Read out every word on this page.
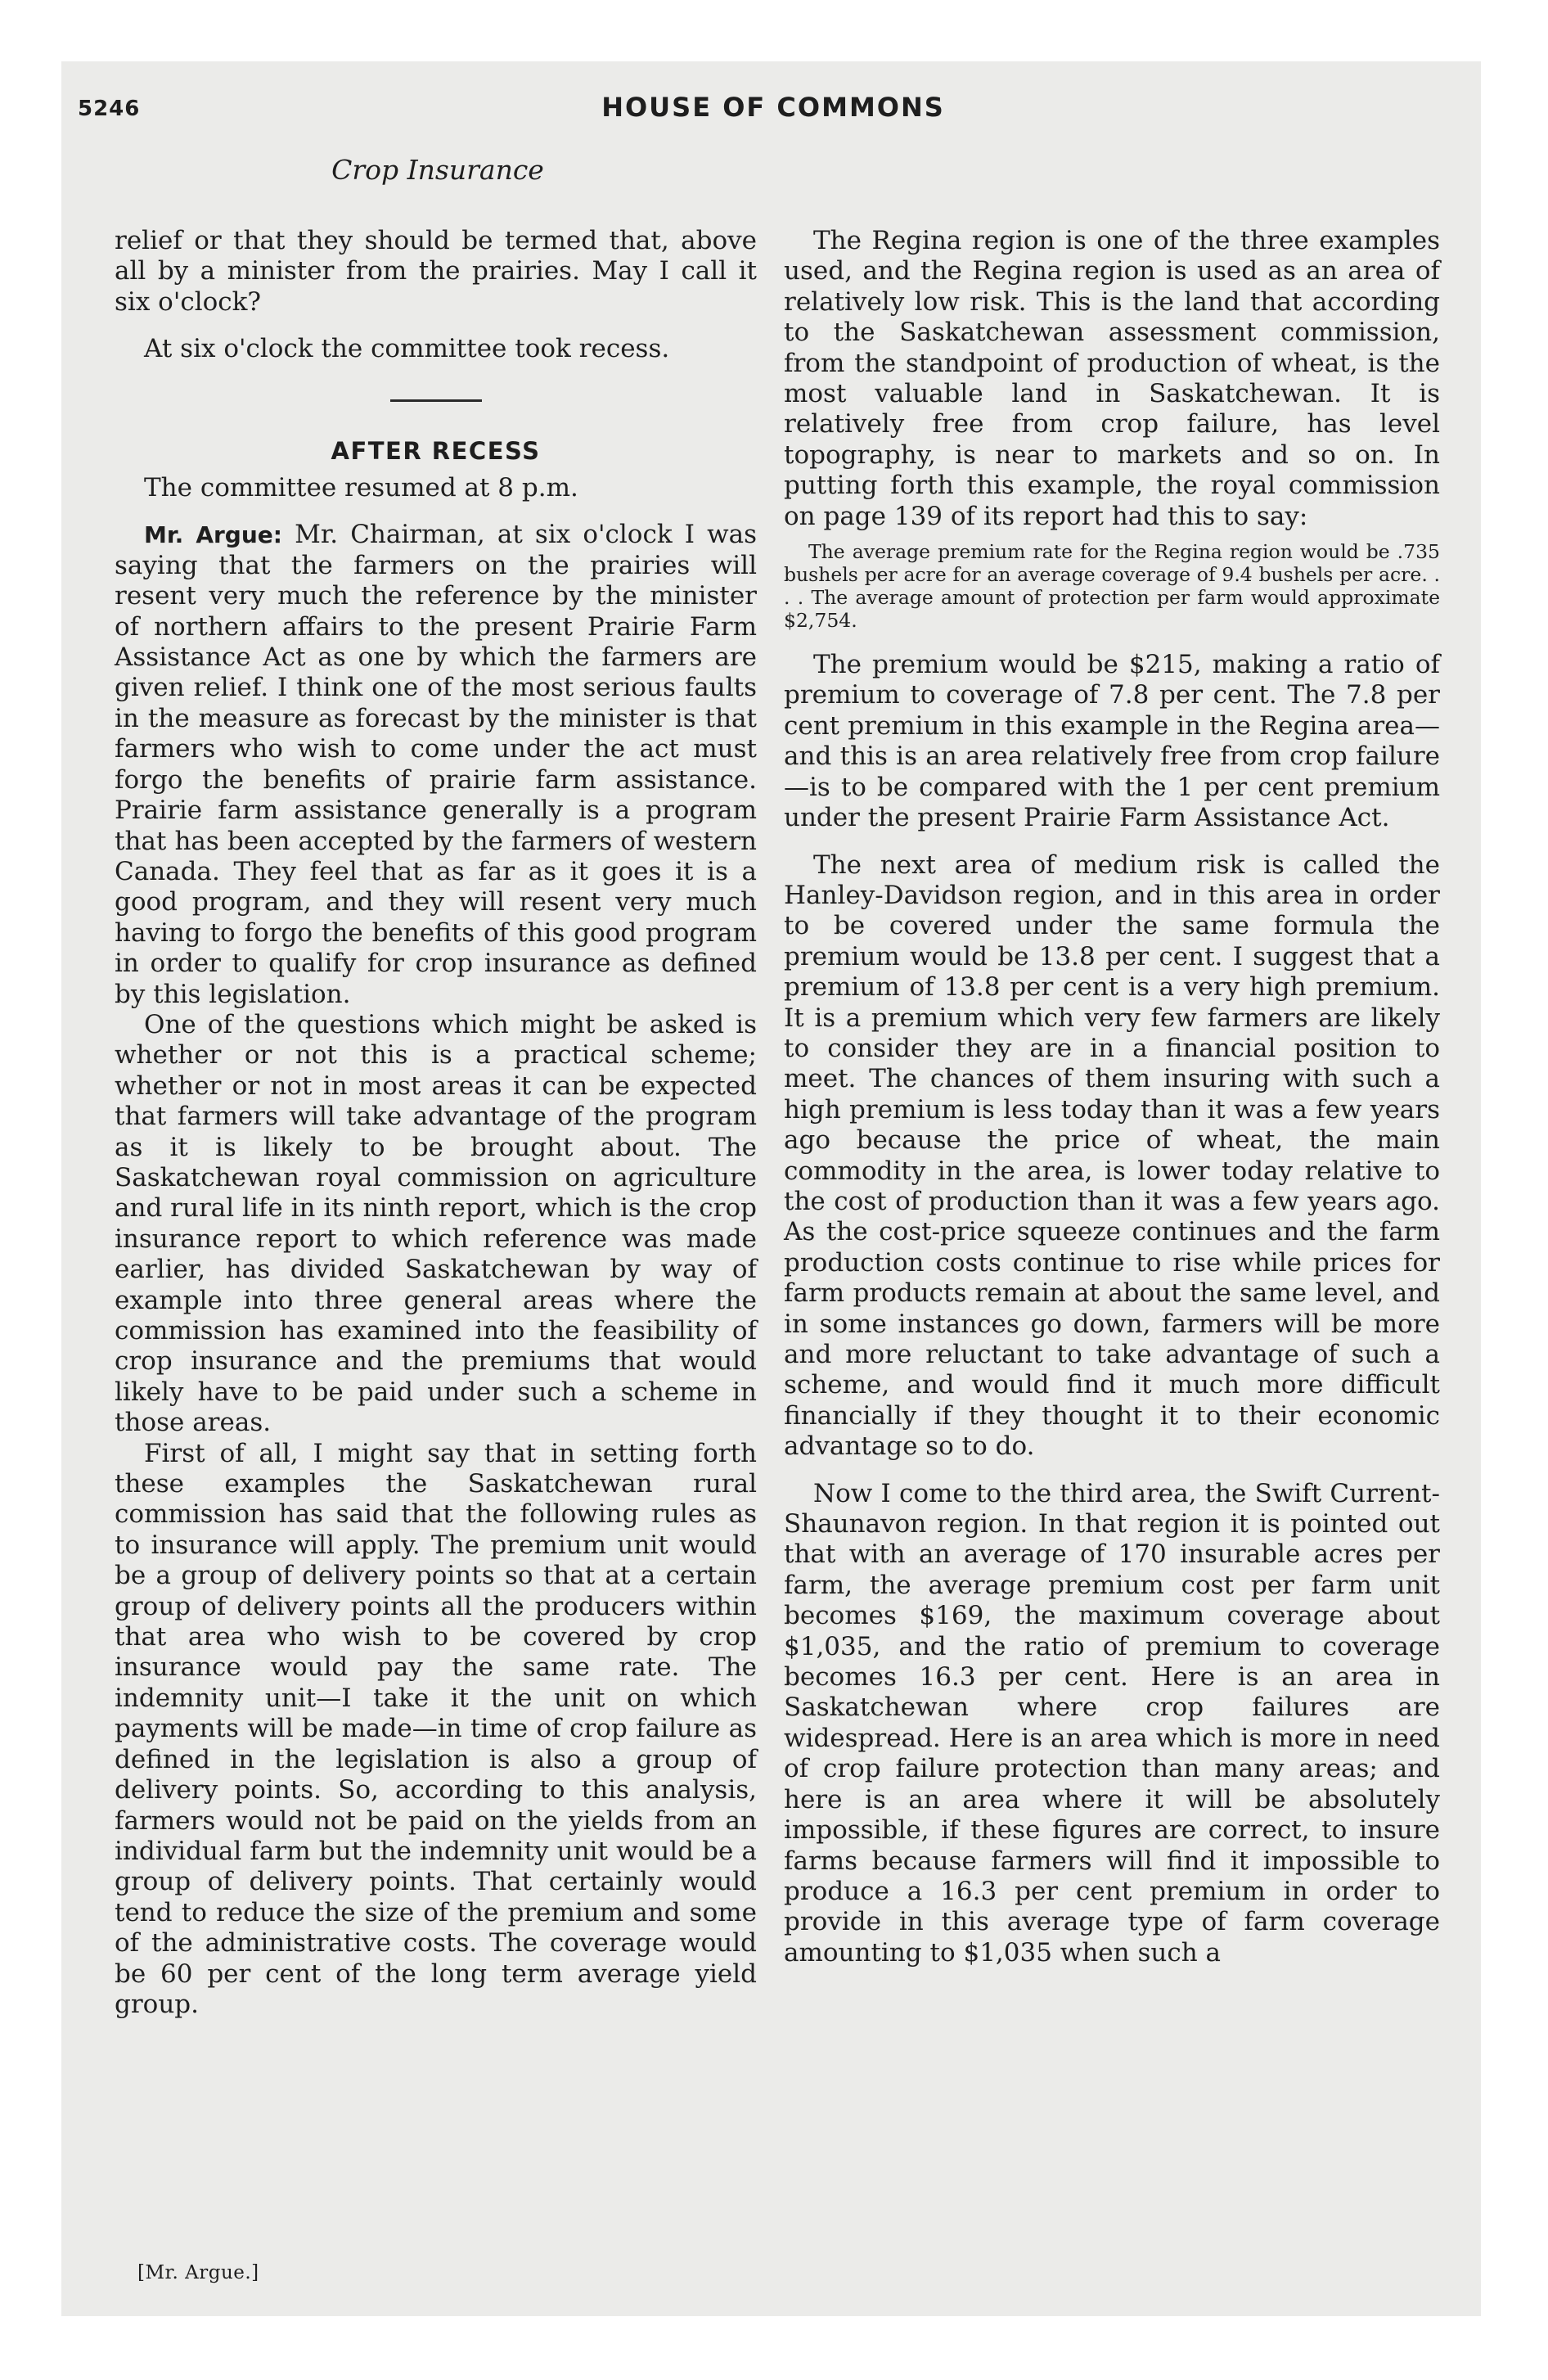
5246	HOUSE OF COMMONS

Crop Insurance

relief or that they should be termed that, above all by a minister from the prairies. May I call it six o'clock?

At six o'clock the committee took recess.

AFTER RECESS

The committee resumed at 8 p.m.

Mr. Argue: Mr. Chairman, at six o'clock I was saying that the farmers on the prairies will resent very much the reference by the minister of northern affairs to the present Prairie Farm Assistance Act as one by which the farmers are given relief. I think one of the most serious faults in the measure as forecast by the minister is that farmers who wish to come under the act must forgo the benefits of prairie farm assistance. Prairie farm assistance generally is a program that has been accepted by the farmers of western Canada. They feel that as far as it goes it is a good program, and they will resent very much having to forgo the benefits of this good program in order to qualify for crop insurance as defined by this legislation.

One of the questions which might be asked is whether or not this is a practical scheme; whether or not in most areas it can be expected that farmers will take advantage of the program as it is likely to be brought about. The Saskatchewan royal commission on agriculture and rural life in its ninth report, which is the crop insurance report to which reference was made earlier, has divided Saskatchewan by way of example into three general areas where the commission has examined into the feasibility of crop insurance and the premiums that would likely have to be paid under such a scheme in those areas.

First of all, I might say that in setting forth these examples the Saskatchewan rural commission has said that the following rules as to insurance will apply. The premium unit would be a group of delivery points so that at a certain group of delivery points all the producers within that area who wish to be covered by crop insurance would pay the same rate. The indemnity unit—I take it the unit on which payments will be made—in time of crop failure as defined in the legislation is also a group of delivery points. So, according to this analysis, farmers would not be paid on the yields from an individual farm but the indemnity unit would be a group of delivery points. That certainly would tend to reduce the size of the premium and some of the administrative costs. The coverage would be 60 per cent of the long term average yield group.

The Regina region is one of the three examples used, and the Regina region is used as an area of relatively low risk. This is the land that according to the Saskatchewan assessment commission, from the standpoint of production of wheat, is the most valuable land in Saskatchewan. It is relatively free from crop failure, has level topography, is near to markets and so on. In putting forth this example, the royal commission on page 139 of its report had this to say:

The average premium rate for the Regina region would be .735 bushels per acre for an average coverage of 9.4 bushels per acre. . . . The average amount of protection per farm would approximate $2,754.

The premium would be $215, making a ratio of premium to coverage of 7.8 per cent. The 7.8 per cent premium in this example in the Regina area—and this is an area relatively free from crop failure—is to be compared with the 1 per cent premium under the present Prairie Farm Assistance Act.

The next area of medium risk is called the Hanley-Davidson region, and in this area in order to be covered under the same formula the premium would be 13.8 per cent. I suggest that a premium of 13.8 per cent is a very high premium. It is a premium which very few farmers are likely to consider they are in a financial position to meet. The chances of them insuring with such a high premium is less today than it was a few years ago because the price of wheat, the main commodity in the area, is lower today relative to the cost of production than it was a few years ago. As the cost-price squeeze continues and the farm production costs continue to rise while prices for farm products remain at about the same level, and in some instances go down, farmers will be more and more reluctant to take advantage of such a scheme, and would find it much more difficult financially if they thought it to their economic advantage so to do.

Now I come to the third area, the Swift Current-Shaunavon region. In that region it is pointed out that with an average of 170 insurable acres per farm, the average premium cost per farm unit becomes $169, the maximum coverage about $1,035, and the ratio of premium to coverage becomes 16.3 per cent. Here is an area in Saskatchewan where crop failures are widespread. Here is an area which is more in need of crop failure protection than many areas; and here is an area where it will be absolutely impossible, if these figures are correct, to insure farms because farmers will find it impossible to produce a 16.3 per cent premium in order to provide in this average type of farm coverage amounting to $1,035 when such a

[Mr. Argue.]
